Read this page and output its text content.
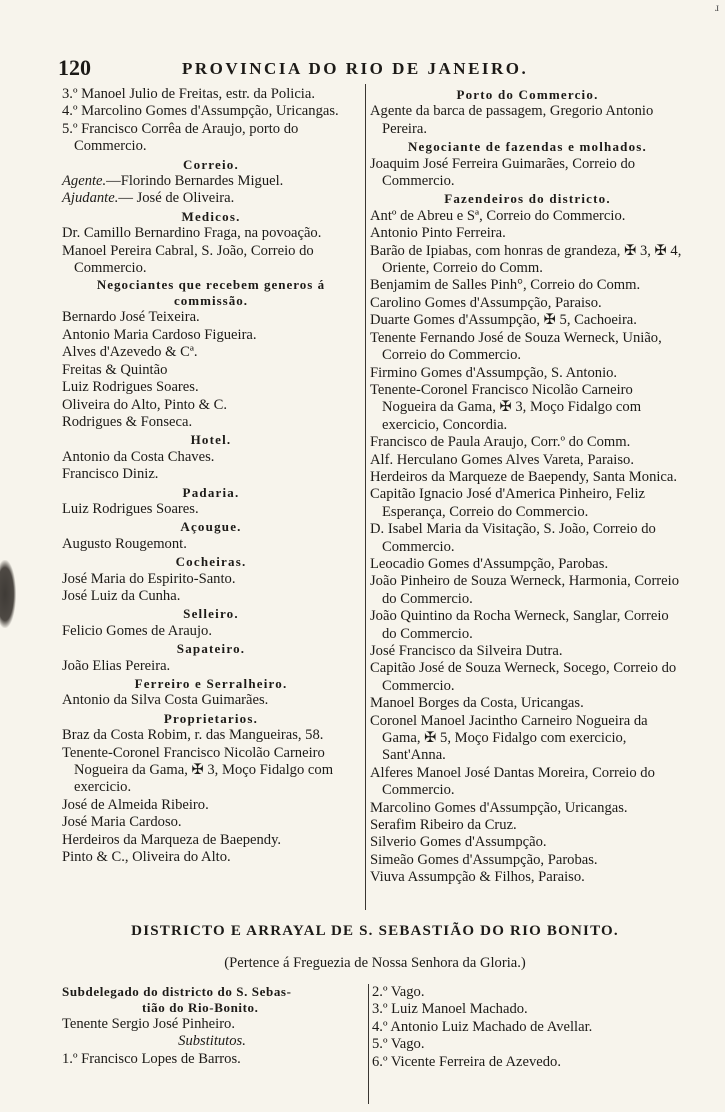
ɹ
120	PROVINCIA DO RIO DE JANEIRO.

3.º Manoel Julio de Freitas, estr. da Policia.

4.º Marcolino Gomes d'Assumpção, Uricangas.

5.º Francisco Corrêa de Araujo, porto do Commercio.

Correio.

Agente.—Florindo Bernardes Miguel.

Ajudante.— José de Oliveira.

Medicos.

Dr. Camillo Bernardino Fraga, na povoação.

Manoel Pereira Cabral, S. João, Correio do Commercio.

Negociantes que recebem generos á commissão.

Bernardo José Teixeira.

Antonio Maria Cardoso Figueira.

Alves d'Azevedo & Cª.

Freitas & Quintão

Luiz Rodrigues Soares.

Oliveira do Alto, Pinto & C.

Rodrigues & Fonseca.

Hotel.

Antonio da Costa Chaves.

Francisco Diniz.

Padaria.

Luiz Rodrigues Soares.

Açougue.

Augusto Rougemont.

Cocheiras.

José Maria do Espirito-Santo.

José Luiz da Cunha.

Selleiro.

Felicio Gomes de Araujo.

Sapateiro.

João Elias Pereira.

Ferreiro e Serralheiro.

Antonio da Silva Costa Guimarães.

Proprietarios.

Braz da Costa Robim, r. das Mangueiras, 58.

Tenente-Coronel Francisco Nicolão Carneiro Nogueira da Gama, ✠ 3, Moço Fidalgo com exercicio.

José de Almeida Ribeiro.

José Maria Cardoso.

Herdeiros da Marqueza de Baependy.

Pinto & C., Oliveira do Alto.

Porto do Commercio.

Agente da barca de passagem, Gregorio Antonio Pereira.

Negociante de fazendas e molhados.

Joaquim José Ferreira Guimarães, Correio do Commercio.

Fazendeiros do districto.

Antº de Abreu e Sª, Correio do Commercio.

Antonio Pinto Ferreira.

Barão de Ipiabas, com honras de grandeza, ✠ 3, ✠ 4, Oriente, Correio do Comm.

Benjamim de Salles Pinh°, Correio do Comm.

Carolino Gomes d'Assumpção, Paraiso.

Duarte Gomes d'Assumpção, ✠ 5, Cachoeira.

Tenente Fernando José de Souza Werneck, União, Correio do Commercio.

Firmino Gomes d'Assumpção, S. Antonio.

Tenente-Coronel Francisco Nicolão Carneiro Nogueira da Gama, ✠ 3, Moço Fidalgo com exercicio, Concordia.

Francisco de Paula Araujo, Corr.º do Comm.

Alf. Herculano Gomes Alves Vareta, Paraiso.

Herdeiros da Marqueze de Baependy, Santa Monica.

Capitão Ignacio José d'America Pinheiro, Feliz Esperança, Correio do Commercio.

D. Isabel Maria da Visitação, S. João, Correio do Commercio.

Leocadio Gomes d'Assumpção, Parobas.

João Pinheiro de Souza Werneck, Harmonia, Correio do Commercio.

João Quintino da Rocha Werneck, Sanglar, Correio do Commercio.

José Francisco da Silveira Dutra.

Capitão José de Souza Werneck, Socego, Correio do Commercio.

Manoel Borges da Costa, Uricangas.

Coronel Manoel Jacintho Carneiro Nogueira da Gama, ✠ 5, Moço Fidalgo com exercicio, Sant'Anna.

Alferes Manoel José Dantas Moreira, Correio do Commercio.

Marcolino Gomes d'Assumpção, Uricangas.

Serafim Ribeiro da Cruz.

Silverio Gomes d'Assumpção.

Simeão Gomes d'Assumpção, Parobas.

Viuva Assumpção & Filhos, Paraiso.

DISTRICTO E ARRAYAL DE S. SEBASTIÃO DO RIO BONITO.
(Pertence á Freguezia de Nossa Senhora da Gloria.)

Subdelegado do districto do S. Sebas-

tião do Rio-Bonito.

Tenente Sergio José Pinheiro.

Substitutos.

1.º Francisco Lopes de Barros.

2.º Vago.

3.º Luiz Manoel Machado.

4.º Antonio Luiz Machado de Avellar.

5.º Vago.

6.º Vicente Ferreira de Azevedo.
